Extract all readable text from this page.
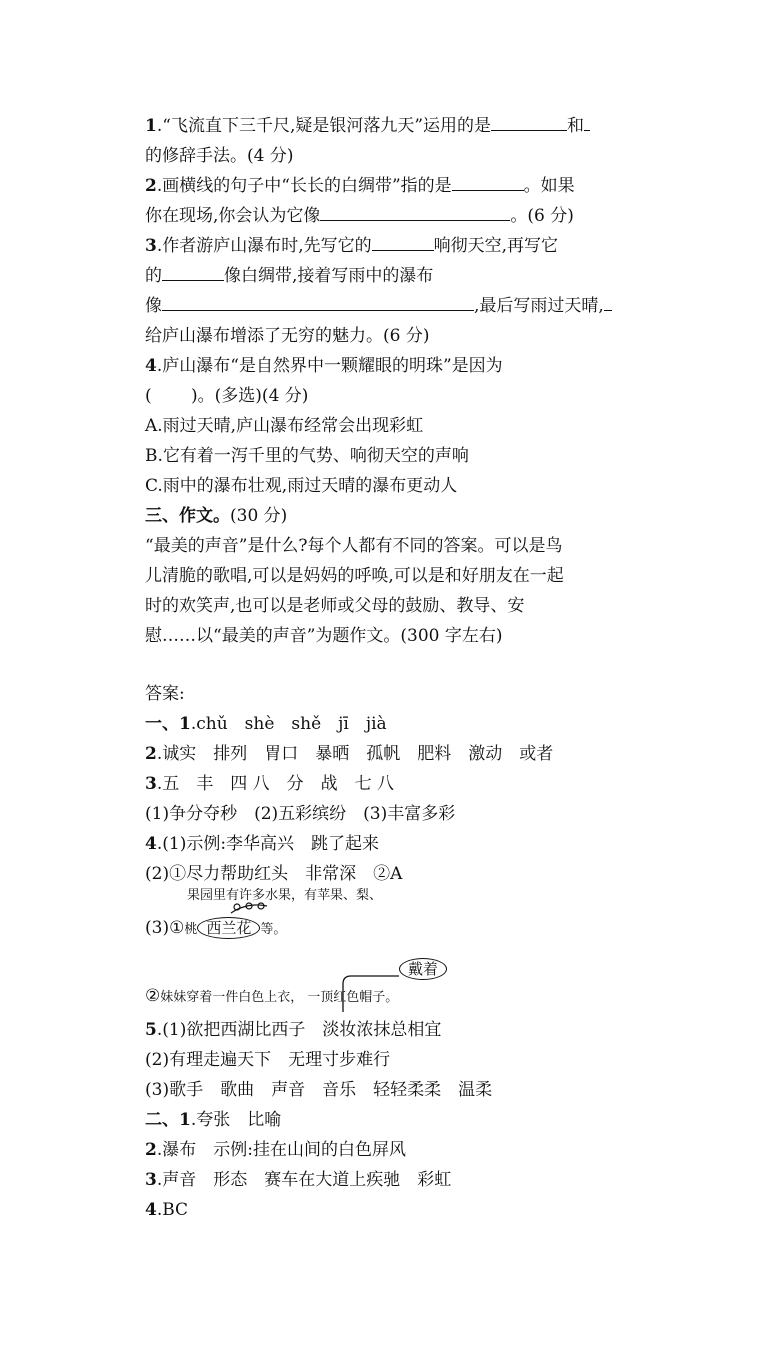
1.“飞流直下三千尺,疑是银河落九天”运用的是	和
的修辞手法。(4 分)
2.画横线的句子中“长长的白绸带”指的是	。如果
你在现场,你会认为它像	。(6 分)
3.作者游庐山瀑布时,先写它的	响彻天空,再写它
的	像白绸带,接着写雨中的瀑布
像	,最后写雨过天晴,
给庐山瀑布增添了无穷的魅力。(6 分)
4.庐山瀑布“是自然界中一颗耀眼的明珠”是因为
(　　 )。(多选)(4 分)
A.雨过天晴,庐山瀑布经常会出现彩虹
B.它有着一泻千里的气势、响彻天空的声响
C.雨中的瀑布壮观,雨过天晴的瀑布更动人
三、作文。(30 分)
“最美的声音”是什么?每个人都有不同的答案。可以是鸟
儿清脆的歌唱,可以是妈妈的呼唤,可以是和好朋友在一起
时的欢笑声,也可以是老师或父母的鼓励、教导、安
慰……以“最美的声音”为题作文。(300 字左右)
答案:
一、1.chǔ　shè　shě　jī　jià
2.诚实　排列　胃口　暴晒　孤帆　肥料　激动　或者
3.五　丰　四 八　分　战　七 八
(1)争分夺秒　(2)五彩缤纷　(3)丰富多彩
4.(1)示例:李华高兴　跳了起来
(2)①尽力帮助红头　非常深　②A
果园里有许多水果，有苹果、梨、
(3)①桃 西兰花 等。
戴着
②妹妹穿着一件白色上衣， 一顶红色帽子。
5.(1)欲把西湖比西子　淡妆浓抹总相宜
(2)有理走遍天下　无理寸步难行
(3)歌手　歌曲　声音　音乐　轻轻柔柔　温柔
二、1.夸张　比喻
2.瀑布　示例:挂在山间的白色屏风
3.声音　形态　赛车在大道上疾驰　彩虹
4.BC
